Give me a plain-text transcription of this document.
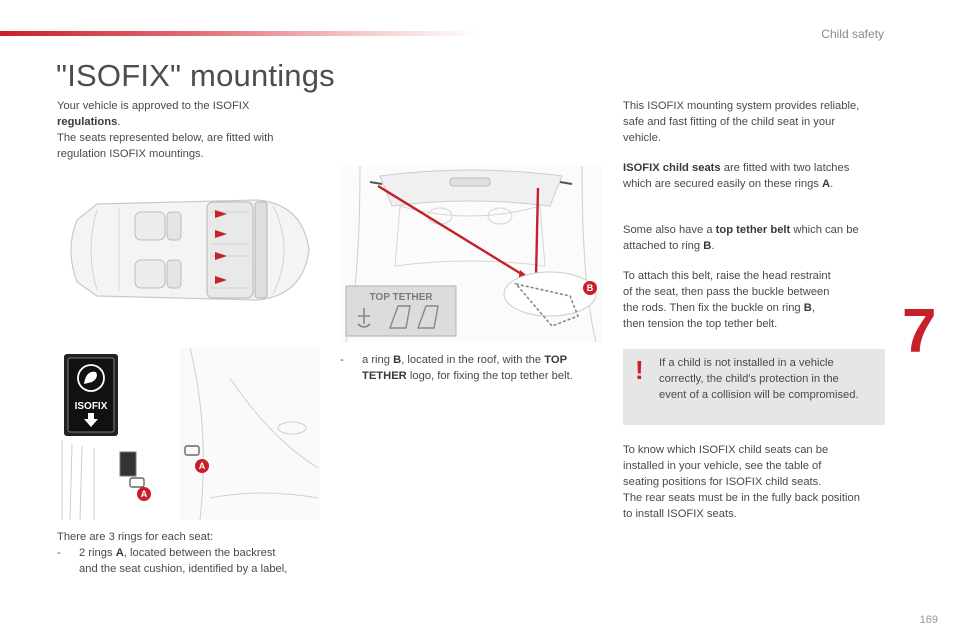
Child safety
"ISOFIX" mountings
7
169

Your vehicle is approved to the ISOFIX

regulations.

The seats represented below, are fitted with

regulation ISOFIX mountings.

ISOFIX
A
A
B
TOP TETHER

There are 3 rings for each seat:

-	2 rings A, located between the backrest
and the seat cushion, identified by a label,
-	a ring B, located in the roof, with the TOP
TETHER logo, for fixing the top tether belt.

This ISOFIX mounting system provides reliable,

safe and fast fitting of the child seat in your

vehicle.

ISOFIX child seats are fitted with two latches

which are secured easily on these rings A.

Some also have a top tether belt which can be

attached to ring B.

To attach this belt, raise the head restraint

of the seat, then pass the buckle between

the rods. Then fix the buckle on ring B,

then tension the top tether belt.

! If a child is not installed in a vehicle

correctly, the child's protection in the

event of a collision will be compromised.

To know which ISOFIX child seats can be

installed in your vehicle, see the table of

seating positions for ISOFIX child seats.

The rear seats must be in the fully back position

to install ISOFIX seats.
